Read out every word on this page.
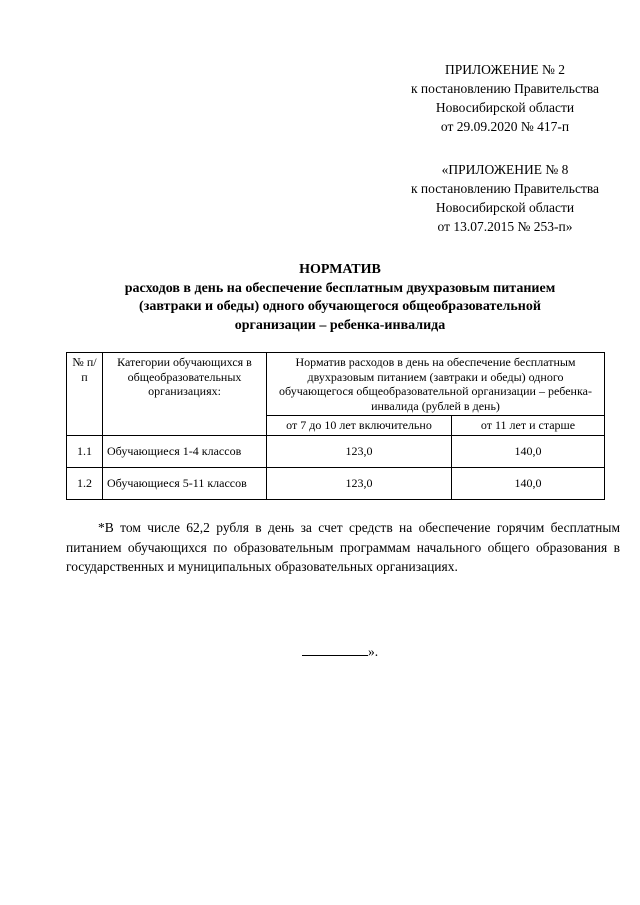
ПРИЛОЖЕНИЕ № 2
к постановлению Правительства
Новосибирской области
от 29.09.2020 № 417-п
«ПРИЛОЖЕНИЕ № 8
к постановлению Правительства
Новосибирской области
от 13.07.2015 № 253-п»
НОРМАТИВ
расходов в день на обеспечение бесплатным двухразовым питанием
(завтраки и обеды) одного обучающегося общеобразовательной
организации – ребенка-инвалида
№ п/п	Категории обучающихся в общеобразовательных организациях:	Норматив расходов в день на обеспечение бесплатным двухразовым питанием (завтраки и обеды) одного обучающегося общеобразовательной организации – ребенка-инвалида (рублей в день)	
		от 7 до 10 лет включительно	от 11 лет и старше
1.1	Обучающиеся 1-4 классов	123,0	140,0
1.2	Обучающиеся 5-11 классов	123,0	140,0

*В том числе 62,2 рубля в день за счет средств на обеспечение горячим бесплатным питанием обучающихся по образовательным программам начального общего образования в государственных и муниципальных образовательных организациях.

».
